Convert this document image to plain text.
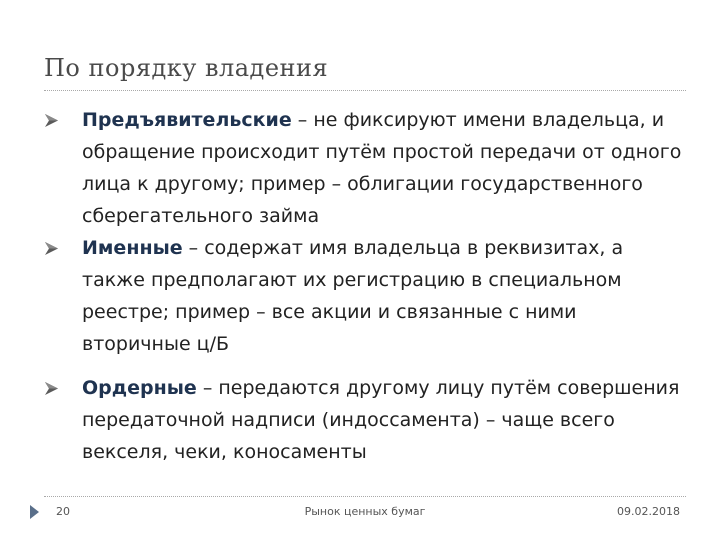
По порядку владения
Предъявительские – не фиксируют имени владельца, и обращение происходит путём простой передачи от одного лица к другому; пример – облигации государственного сберегательного займа
Именные – содержат имя владельца в реквизитах, а также предполагают их регистрацию в специальном реестре; пример – все акции и связанные с ними вторичные ц/Б
Ордерные – передаются другому лицу путём совершения передаточной надписи (индоссамента) – чаще всего векселя, чеки, коносаменты
20	Рынок ценных бумаг	09.02.2018
